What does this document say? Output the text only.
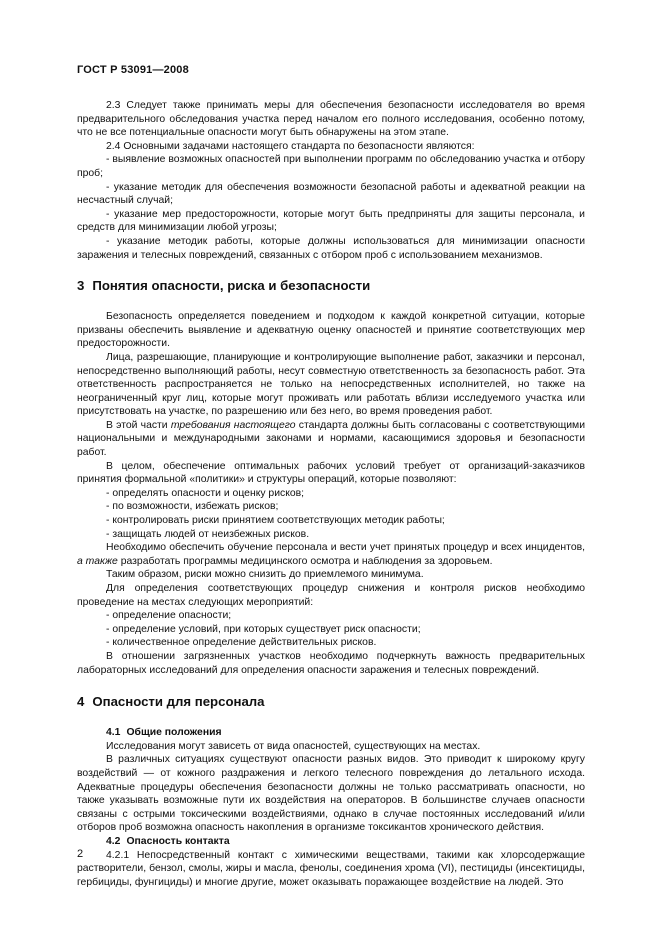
ГОСТ Р 53091—2008

2.3 Следует также принимать меры для обеспечения безопасности исследователя во время предварительного обследования участка перед началом его полного исследования, особенно потому, что не все потенциальные опасности могут быть обнаружены на этом этапе.

2.4 Основными задачами настоящего стандарта по безопасности являются:

- выявление возможных опасностей при выполнении программ по обследованию участка и отбору проб;

- указание методик для обеспечения возможности безопасной работы и адекватной реакции на несчастный случай;

- указание мер предосторожности, которые могут быть предприняты для защиты персонала, и средств для минимизации любой угрозы;

- указание методик работы, которые должны использоваться для минимизации опасности заражения и телесных повреждений, связанных с отбором проб с использованием механизмов.

3 Понятия опасности, риска и безопасности

Безопасность определяется поведением и подходом к каждой конкретной ситуации, которые призваны обеспечить выявление и адекватную оценку опасностей и принятие соответствующих мер предосторожности.

Лица, разрешающие, планирующие и контролирующие выполнение работ, заказчики и персонал, непосредственно выполняющий работы, несут совместную ответственность за безопасность работ. Эта ответственность распространяется не только на непосредственных исполнителей, но также на неограниченный круг лиц, которые могут проживать или работать вблизи исследуемого участка или присутствовать на участке, по разрешению или без него, во время проведения работ.

В этой части требования настоящего стандарта должны быть согласованы с соответствующими национальными и международными законами и нормами, касающимися здоровья и безопасности работ.

В целом, обеспечение оптимальных рабочих условий требует от организаций-заказчиков принятия формальной «политики» и структуры операций, которые позволяют:

- определять опасности и оценку рисков;

- по возможности, избежать рисков;

- контролировать риски принятием соответствующих методик работы;

- защищать людей от неизбежных рисков.

Необходимо обеспечить обучение персонала и вести учет принятых процедур и всех инцидентов, а также разработать программы медицинского осмотра и наблюдения за здоровьем.

Таким образом, риски можно снизить до приемлемого минимума.

Для определения соответствующих процедур снижения и контроля рисков необходимо проведение на местах следующих мероприятий:

- определение опасности;

- определение условий, при которых существует риск опасности;

- количественное определение действительных рисков.

В отношении загрязненных участков необходимо подчеркнуть важность предварительных лабораторных исследований для определения опасности заражения и телесных повреждений.

4 Опасности для персонала
4.1 Общие положения

Исследования могут зависеть от вида опасностей, существующих на местах.

В различных ситуациях существуют опасности разных видов. Это приводит к широкому кругу воздействий — от кожного раздражения и легкого телесного повреждения до летального исхода. Адекватные процедуры обеспечения безопасности должны не только рассматривать опасности, но также указывать возможные пути их воздействия на операторов. В большинстве случаев опасности связаны с острыми токсическими воздействиями, однако в случае постоянных исследований и/или отборов проб возможна опасность накопления в организме токсикантов хронического действия.

4.2 Опасность контакта

4.2.1 Непосредственный контакт с химическими веществами, такими как хлорсодержащие растворители, бензол, смолы, жиры и масла, фенолы, соединения хрома (VI), пестициды (инсектициды, гербициды, фунгициды) и многие другие, может оказывать поражающее воздействие на людей. Это

2
